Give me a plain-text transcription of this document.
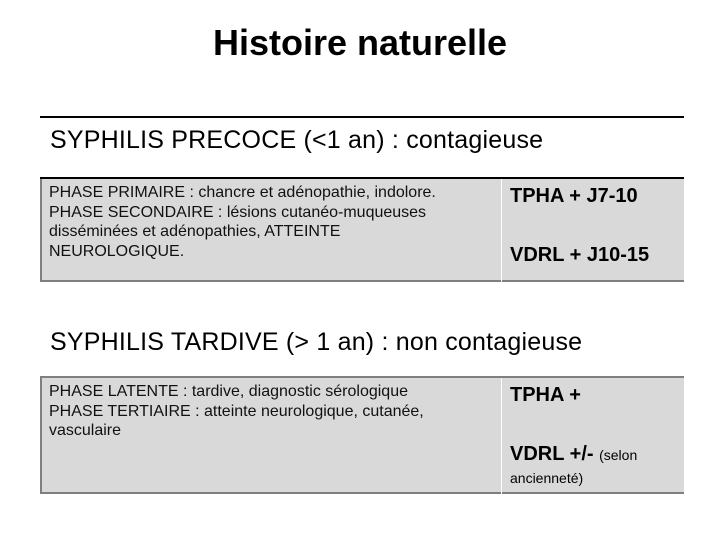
Histoire naturelle
SYPHILIS PRECOCE (<1 an) : contagieuse
PHASE PRIMAIRE : chancre et adénopathie, indolore.
PHASE SECONDAIRE : lésions cutanéo-muqueuses
disséminées et adénopathies, ATTEINTE
NEUROLOGIQUE.
TPHA + J7-10
VDRL + J10-15
SYPHILIS TARDIVE (> 1 an) : non contagieuse
PHASE LATENTE : tardive, diagnostic sérologique
PHASE TERTIAIRE : atteinte neurologique, cutanée,
vasculaire
TPHA +
VDRL +/- (selon
ancienneté)
